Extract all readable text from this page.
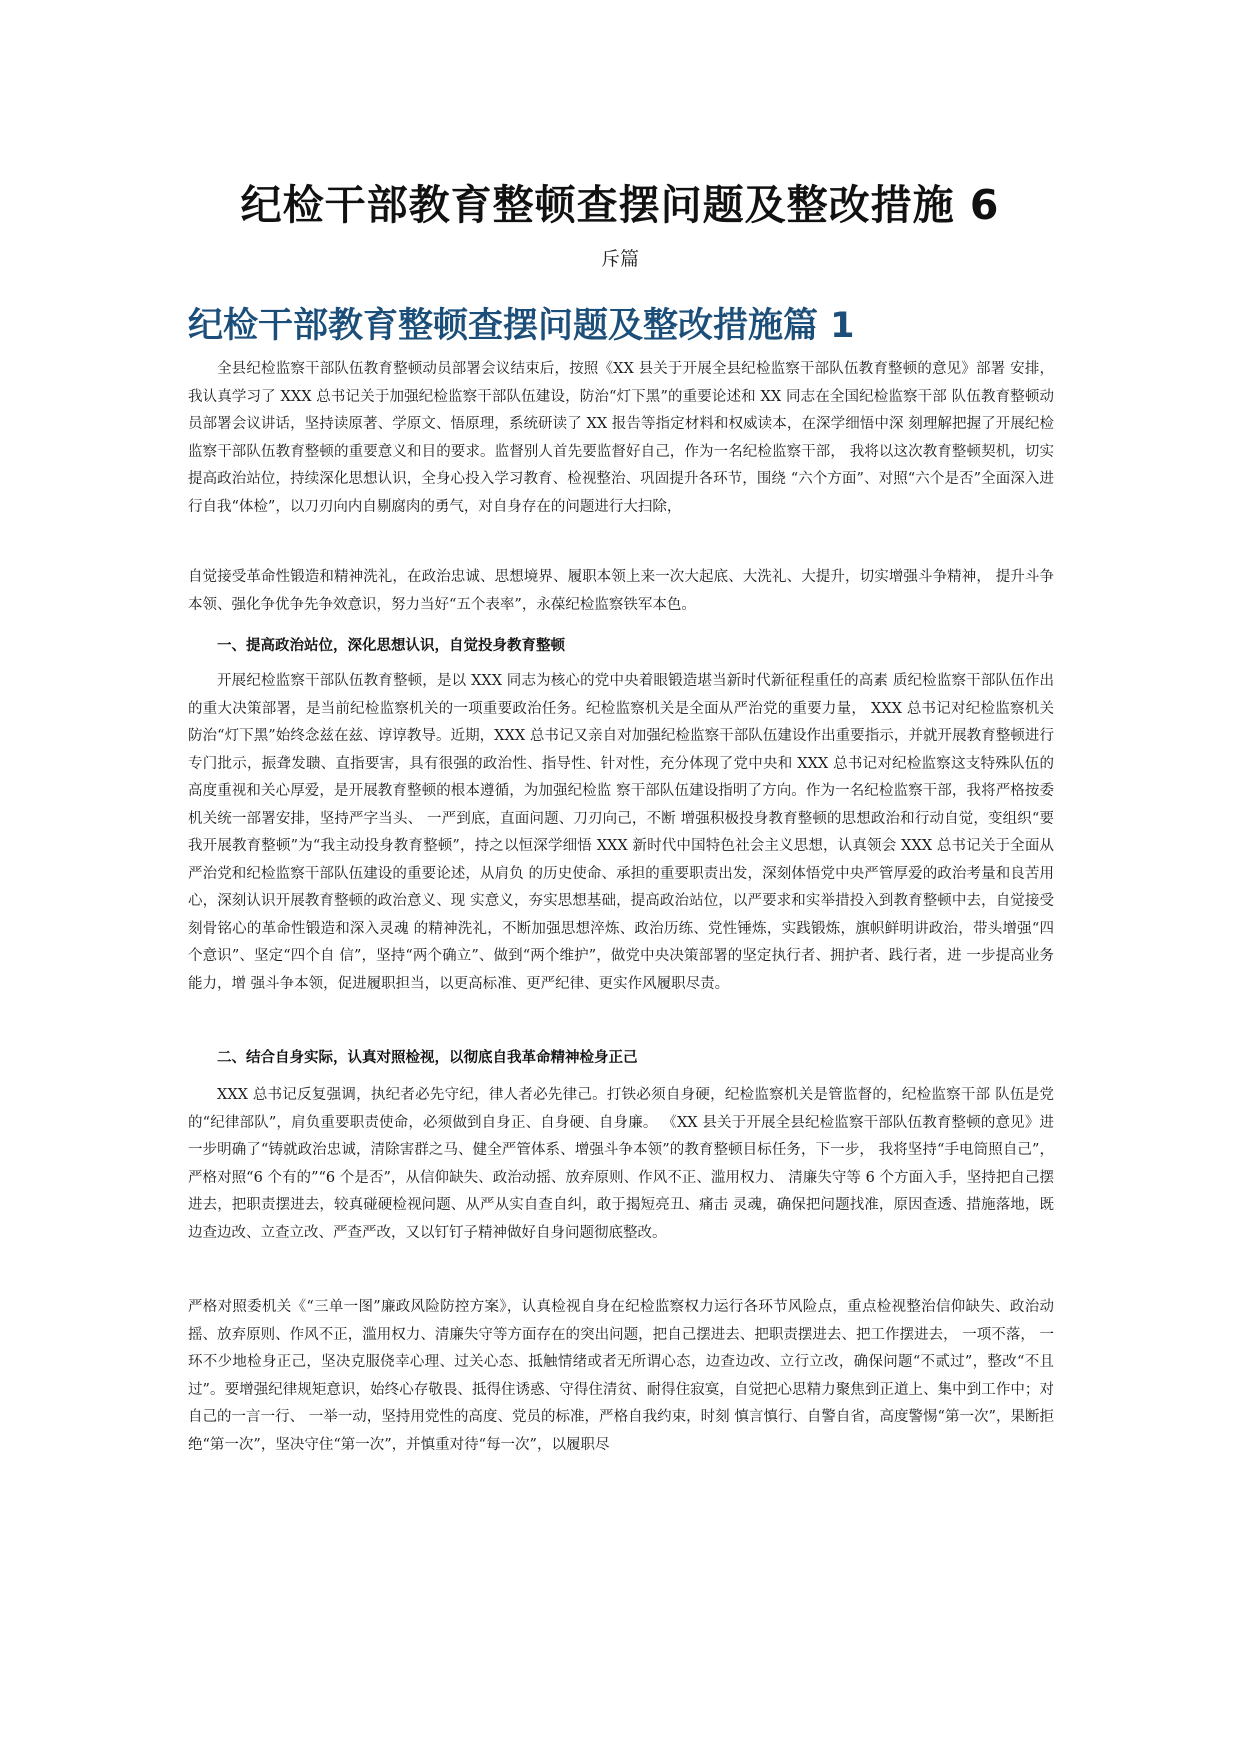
纪检干部教育整顿查摆问题及整改措施 6

斥篇

纪检干部教育整顿查摆问题及整改措施篇 1

全县纪检监察干部队伍教育整顿动员部署会议结束后，按照《XX 县关于开展全县纪检监察干部队伍教育整顿的意见》部署 安排，我认真学习了 XXX 总书记关于加强纪检监察干部队伍建设，防治“灯下黑”的重要论述和 XX 同志在全国纪检监察干部 队伍教育整顿动员部署会议讲话，坚持读原著、学原文、悟原理，系统研读了 XX 报告等指定材料和权威读本，在深学细悟中深 刻理解把握了开展纪检监察干部队伍教育整顿的重要意义和目的要求。监督别人首先要监督好自己，作为一名纪检监察干部， 我将以这次教育整顿契机，切实提高政治站位，持续深化思想认识，全身心投入学习教育、检视整治、巩固提升各环节，围绕 “六个方面”、对照“六个是否”全面深入进行自我“体检”，以刀刃向内自剔腐肉的勇气，对自身存在的问题进行大扫除，

自觉接受革命性锻造和精神洗礼，在政治忠诚、思想境界、履职本领上来一次大起底、大洗礼、大提升，切实增强斗争精神， 提升斗争本领、强化争优争先争效意识，努力当好“五个表率”，永葆纪检监察铁军本色。

一、提高政治站位，深化思想认识，自觉投身教育整顿

开展纪检监察干部队伍教育整顿，是以 XXX 同志为核心的党中央着眼锻造堪当新时代新征程重任的高素 质纪检监察干部队伍作出的重大决策部署，是当前纪检监察机关的一项重要政治任务。纪检监察机关是全面从严治党的重要力量， XXX 总书记对纪检监察机关防治“灯下黑”始终念兹在兹、谆谆教导。近期，XXX 总书记又亲自对加强纪检监察干部队伍建设作出重要指示，并就开展教育整顿进行专门批示，振聋发聩、直指要害，具有很强的政治性、指导性、针对性，充分体现了党中央和 XXX 总书记对纪检监察这支特殊队伍的高度重视和关心厚爱，是开展教育整顿的根本遵循，为加强纪检监 察干部队伍建设指明了方向。作为一名纪检监察干部，我将严格按委机关统一部署安排，坚持严字当头、 一严到底，直面问题、刀刃向己，不断 增强积极投身教育整顿的思想政治和行动自觉，变组织“要我开展教育整顿”为“我主动投身教育整顿”，持之以恒深学细悟 XXX 新时代中国特色社会主义思想，认真领会 XXX 总书记关于全面从严治党和纪检监察干部队伍建设的重要论述，从肩负 的历史使命、承担的重要职责出发，深刻体悟党中央严管厚爱的政治考量和良苦用心，深刻认识开展教育整顿的政治意义、现 实意义，夯实思想基础，提高政治站位，以严要求和实举措投入到教育整顿中去，自觉接受刻骨铭心的革命性锻造和深入灵魂 的精神洗礼，不断加强思想淬炼、政治历练、党性锤炼，实践锻炼，旗帜鲜明讲政治，带头增强“四个意识”、坚定“四个自 信”，坚持“两个确立”、做到“两个维护”，做党中央决策部署的坚定执行者、拥护者、践行者，进 一步提高业务能力，增 强斗争本领，促进履职担当，以更高标准、更严纪律、更实作风履职尽责。

二、结合自身实际，认真对照检视，以彻底自我革命精神检身正己

XXX 总书记反复强调，执纪者必先守纪，律人者必先律己。打铁必须自身硬，纪检监察机关是管监督的，纪检监察干部 队伍是党的“纪律部队”，肩负重要职责使命，必须做到自身正、自身硬、自身廉。 《XX 县关于开展全县纪检监察干部队伍教育整顿的意见》进一步明确了“铸就政治忠诚，清除害群之马、健全严管体系、增强斗争本领”的教育整顿目标任务，下一步， 我将坚持“手电筒照自己”，严格对照“6 个有的”“6 个是否”，从信仰缺失、政治动摇、放弃原则、作风不正、滥用权力、 清廉失守等 6 个方面入手，坚持把自己摆进去，把职责摆进去，较真碰硬检视问题、从严从实自查自纠，敢于揭短亮丑、痛击 灵魂，确保把问题找准，原因查透、措施落地，既边查边改、立查立改、严查严改，又以钉钉子精神做好自身问题彻底整改。

严格对照委机关《“三单一图”廉政风险防控方案》，认真检视自身在纪检监察权力运行各环节风险点，重点检视整治信仰缺失、政治动摇、放弃原则、作风不正，滥用权力、清廉失守等方面存在的突出问题，把自己摆进去、把职责摆进去、把工作摆进去， 一项不落， 一环不少地检身正己，坚决克服侥幸心理、过关心态、抵触情绪或者无所谓心态，边查边改、立行立改，确保问题“不贰过”，整改“不且过”。要增强纪律规矩意识，始终心存敬畏、抵得住诱惑、守得住清贫、耐得住寂寞，自觉把心思精力聚焦到正道上、集中到工作中；对自己的一言一行、 一举一动，坚持用党性的高度、党员的标准，严格自我约束，时刻 慎言慎行、自警自省，高度警惕“第一次”，果断拒绝“第一次”，坚决守住“第一次”，并慎重对待“每一次”，以履职尽
